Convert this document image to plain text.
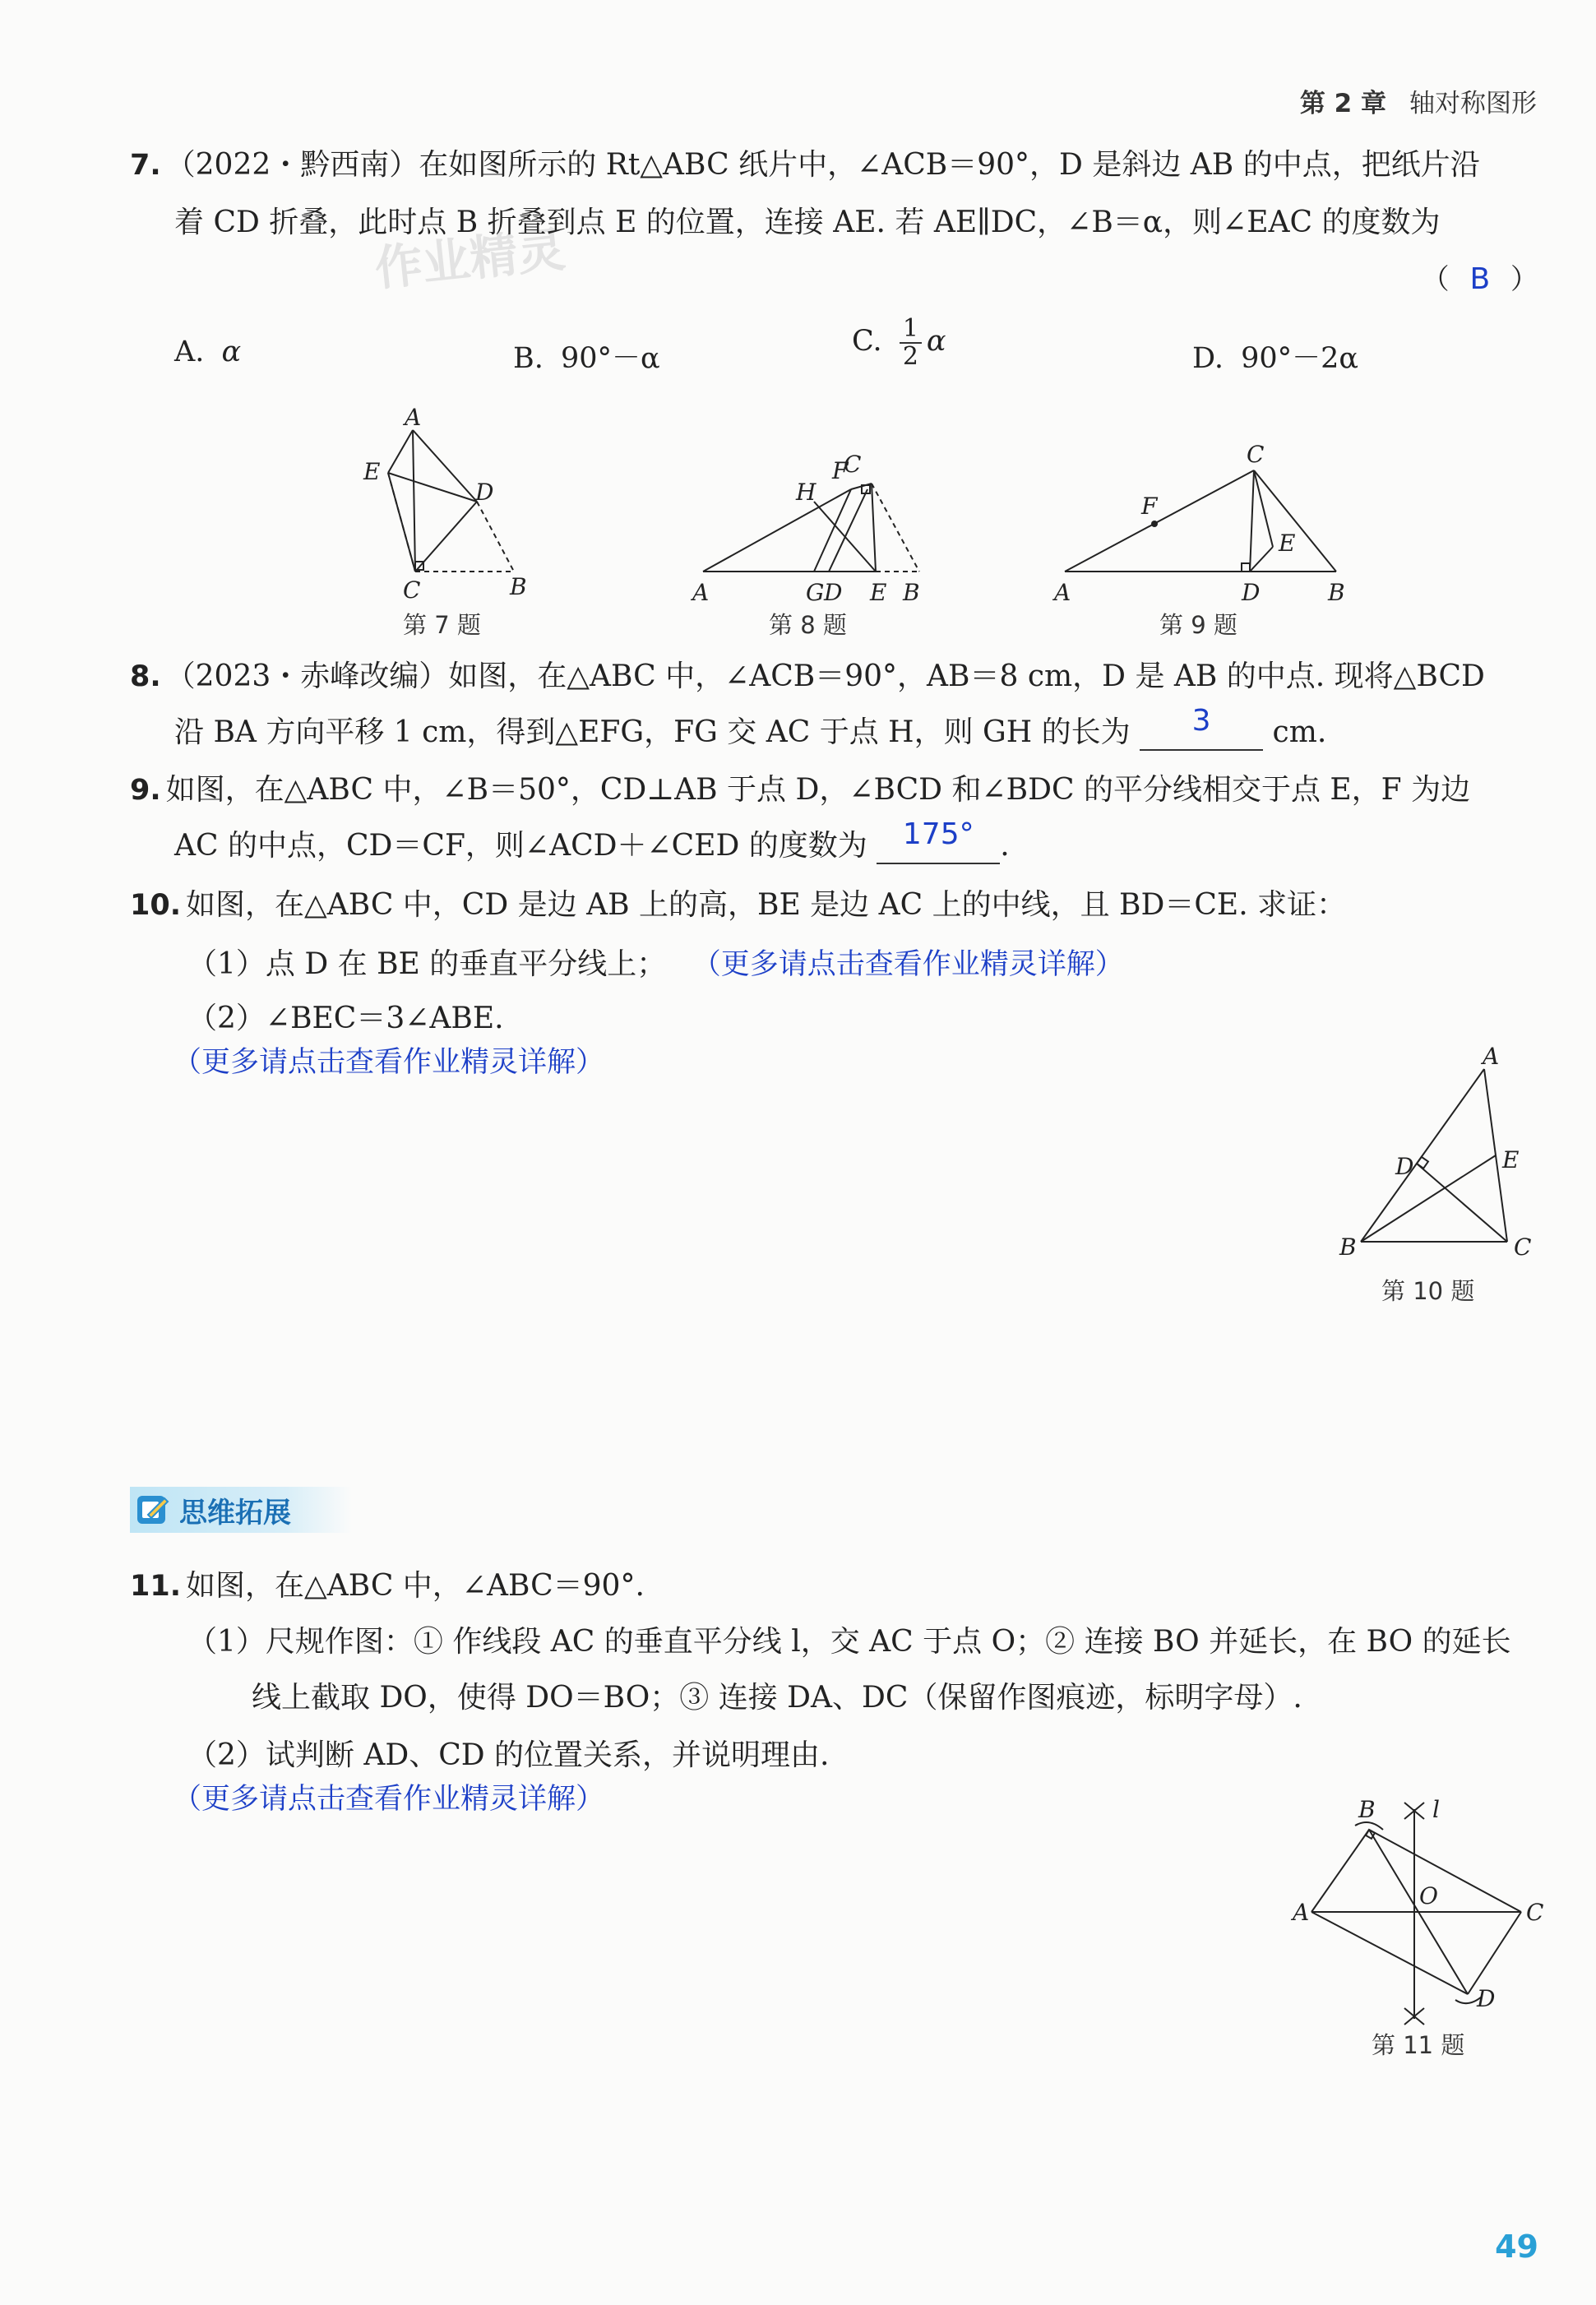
第 2 章 轴对称图形
作业精灵
7. （2022・黔西南）在如图所示的 Rt△ABC 纸片中，∠ACB＝90°，D 是斜边 AB 的中点，把纸片沿
着 CD 折叠，此时点 B 折叠到点 E 的位置，连接 AE. 若 AE∥DC，∠B＝α，则∠EAC 的度数为
（ B ）
A. α	B. 90°－α
C. $\frac{1}{2}$ α
D. 90°－2α
A
E
D
C	B
第 7 题
F
C
H
A	G D E B
第 8 题
F
C
E
A	D	B
第 9 题
8. （2023・赤峰改编）如图，在△ABC 中，∠ACB＝90°，AB＝8 cm，D 是 AB 的中点. 现将△BCD
沿 BA 方向平移 1 cm，得到△EFG，FG 交 AC 于点 H，则 GH 的长为 3 cm.
9. 如图，在△ABC 中，∠B＝50°，CD⊥AB 于点 D，∠BCD 和∠BDC 的平分线相交于点 E，F 为边
AC 的中点，CD＝CF，则∠ACD＋∠CED 的度数为 175° .
10. 如图，在△ABC 中，CD 是边 AB 上的高，BE 是边 AC 上的中线，且 BD＝CE. 求证：
（1）点 D 在 BE 的垂直平分线上； （更多请点击查看作业精灵详解）
（2）∠BEC＝3∠ABE.
（更多请点击查看作业精灵详解）	A
D	E
B	C
第 10 题
思维拓展
11. 如图，在△ABC 中，∠ABC＝90°.
（1）尺规作图：① 作线段 AC 的垂直平分线 l，交 AC 于点 O；② 连接 BO 并延长，在 BO 的延长
线上截取 DO，使得 DO＝BO；③ 连接 DA、DC（保留作图痕迹，标明字母）.
（2）试判断 AD、CD 的位置关系，并说明理由.
（更多请点击查看作业精灵详解）	B l
A
O
C
D
第 11 题
49
